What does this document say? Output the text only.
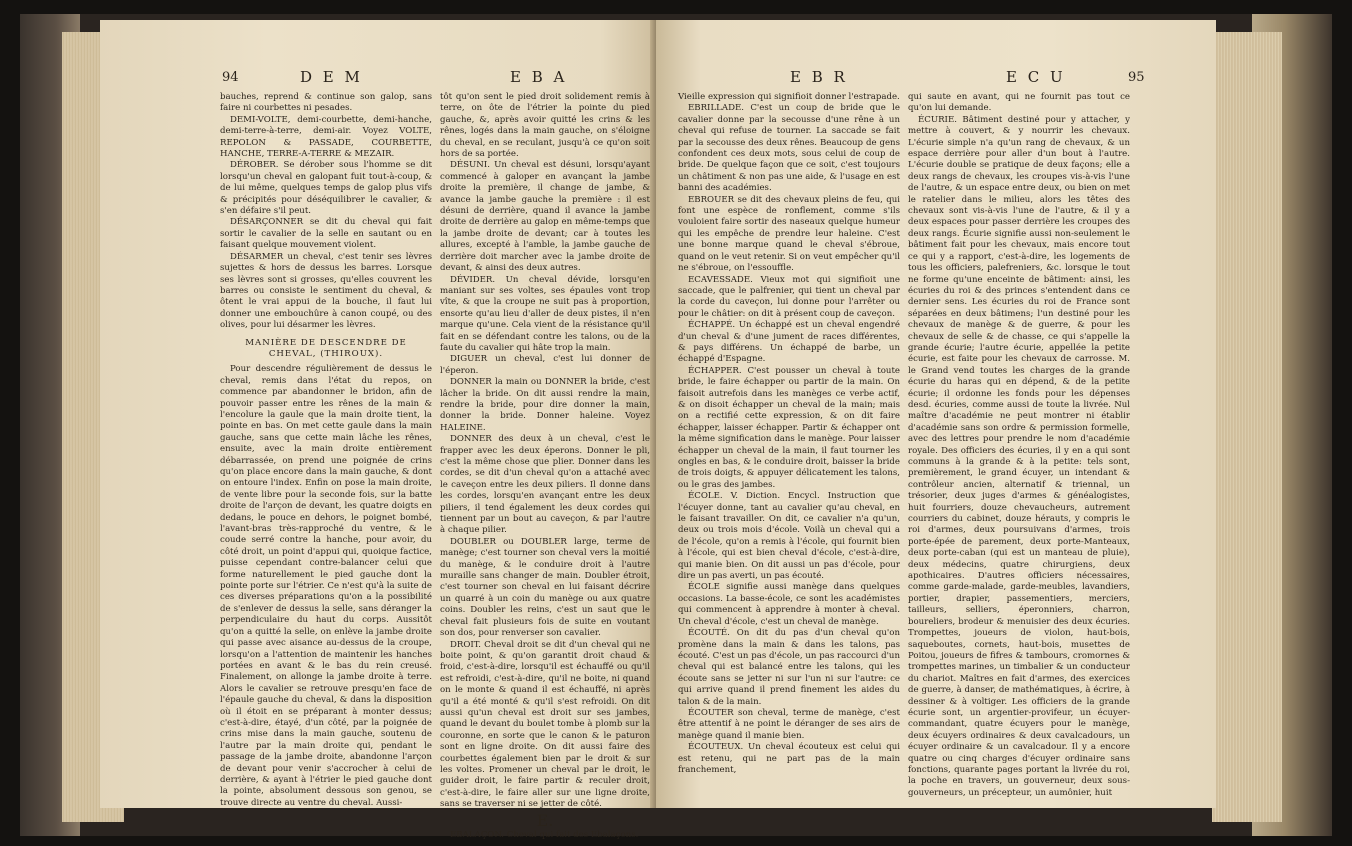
94	D E M	E B A

bauches, reprend & continue son galop, sans faire ni courbettes ni pesades.

DEMI-VOLTE, demi-courbette, demi-hanche, demi-terre-à-terre, demi-air. Voyez VOLTE, REPOLON & PASSADE, COURBETTE, HANCHE, TERRE-A-TERRE & MEZAIR.

DÉROBER. Se dérober sous l'homme se dit lorsqu'un cheval en galopant fuit tout-à-coup, & de lui même, quelques temps de galop plus vifs & précipités pour déséquilibrer le cavalier, & s'en défaire s'il peut.

DÉSARÇONNER se dit du cheval qui fait sortir le cavalier de la selle en sautant ou en faisant quelque mouvement violent.

DÉSARMER un cheval, c'est tenir ses lèvres sujettes & hors de dessus les barres. Lorsque ses lèvres sont si grosses, qu'elles couvrent les barres ou consiste le sentiment du cheval, & ôtent le vrai appui de la bouche, il faut lui donner une embouchûre à canon coupé, ou des olives, pour lui désarmer les lèvres.

MANIÈRE DE DESCENDRE DE CHEVAL, (THIROUX).

Pour descendre régulièrement de dessus le cheval, remis dans l'état du repos, on commence par abandonner le bridon, afin de pouvoir passer entre les rênes de la main & l'encolure la gaule que la main droite tient, la pointe en bas. On met cette gaule dans la main gauche, sans que cette main lâche les rênes, ensuite, avec la main droite entièrement débarrassée, on prend une poignée de crins qu'on place encore dans la main gauche, & dont on entoure l'index. Enfin on pose la main droite, de vente libre pour la seconde fois, sur la batte droite de l'arçon de devant, les quatre doigts en dedans, le pouce en dehors, le poignet bombé, l'avant-bras très-rapproché du ventre, & le coude serré contre la hanche, pour avoir, du côté droit, un point d'appui qui, quoique factice, puisse cependant contre-balancer celui que forme naturellement le pied gauche dont la pointe porte sur l'étrier. Ce n'est qu'à la suite de ces diverses préparations qu'on a la possibilité de s'enlever de dessus la selle, sans déranger la perpendiculaire du haut du corps. Aussitôt qu'on a quitté la selle, on enlève la jambe droite qui passe avec aisance au-dessus de la croupe, lorsqu'on a l'attention de maintenir les hanches portées en avant & le bas du rein creusé. Finalement, on allonge la jambe droite à terre. Alors le cavalier se retrouve presqu'en face de l'épaule gauche du cheval, & dans la disposition où il étoit en se préparant à monter dessus; c'est-à-dire, étayé, d'un côté, par la poignée de crins mise dans la main gauche, soutenu de l'autre par la main droite qui, pendant le passage de la jambe droite, abandonne l'arçon de devant pour venir s'accrocher à celui de derrière, & ayant à l'étrier le pied gauche dont la pointe, absolument dessous son genou, se trouve directe au ventre du cheval. Aussi-

tôt qu'on sent le pied droit solidement remis à terre, on ôte de l'étrier la pointe du pied gauche, &, après avoir quitté les crins & les rênes, logés dans la main gauche, on s'éloigne du cheval, en se reculant, jusqu'à ce qu'on soit hors de sa portée.

DÉSUNI. Un cheval est désuni, lorsqu'ayant commencé à galoper en avançant la jambe droite la première, il change de jambe, & avance la jambe gauche la première : il est désuni de derrière, quand il avance la jambe droite de derrière au galop en même-temps que la jambe droite de devant; car à toutes les allures, excepté à l'amble, la jambe gauche de derrière doit marcher avec la jambe droite de devant, & ainsi des deux autres.

DÉVIDER. Un cheval dévide, lorsqu'en maniant sur ses voltes, ses épaules vont trop vîte, & que la croupe ne suit pas à proportion, ensorte qu'au lieu d'aller de deux pistes, il n'en marque qu'une. Cela vient de la résistance qu'il fait en se défendant contre les talons, ou de la faute du cavalier qui hâte trop la main.

DIGUER un cheval, c'est lui donner de l'éperon.

DONNER la main ou DONNER la bride, c'est lâcher la bride. On dit aussi rendre la main, rendre la bride, pour dire donner la main, donner la bride. Donner haleine. Voyez HALEINE.

DONNER des deux à un cheval, c'est le frapper avec les deux éperons. Donner le pli, c'est la même chose que plier. Donner dans les cordes, se dit d'un cheval qu'on a attaché avec le caveçon entre les deux piliers. Il donne dans les cordes, lorsqu'en avançant entre les deux piliers, il tend également les deux cordes qui tiennent par un bout au caveçon, & par l'autre à chaque pilier.

DOUBLER ou DOUBLER large, terme de manège; c'est tourner son cheval vers la moitié du manège, & le conduire droit à l'autre muraille sans changer de main. Doubler étroit, c'est tourner son cheval en lui faisant décrire un quarré à un coin du manège ou aux quatre coins. Doubler les reins, c'est un saut que le cheval fait plusieurs fois de suite en voutant son dos, pour renverser son cavalier.

DROIT. Cheval droit se dit d'un cheval qui ne boite point, & qu'on garantit droit chaud & froid, c'est-à-dire, lorsqu'il est échauffé ou qu'il est refroidi, c'est-à-dire, qu'il ne boite, ni quand on le monte & quand il est échauffé, ni après qu'il a été monté & qu'il s'est refroidi. On dit aussi qu'un cheval est droit sur ses jambes, quand le devant du boulet tombe à plomb sur la couronne, en sorte que le canon & le paturon sont en ligne droite. On dit aussi faire des courbettes également bien par le droit & sur les voltes. Promener un cheval par le droit, le guider droit, le faire partir & reculer droit, c'est-à-dire, le faire aller sur une ligne droite, sans se traverser ni se jetter de côté.

E.

EBALAÇON. Cheval qui fait des Ebalaçons.

E B R	E C U	95

Vieille expression qui signifioit donner l'estrapade.

EBRILLADE. C'est un coup de bride que le cavalier donne par la secousse d'une rêne à un cheval qui refuse de tourner. La saccade se fait par la secousse des deux rênes. Beaucoup de gens confondent ces deux mots, sous celui de coup de bride. De quelque façon que ce soit, c'est toujours un châtiment & non pas une aide, & l'usage en est banni des académies.

EBROUER se dit des chevaux pleins de feu, qui font une espèce de ronflement, comme s'ils vouloient faire sortir des naseaux quelque humeur qui les empêche de prendre leur haleine. C'est une bonne marque quand le cheval s'ébroue, quand on le veut retenir. Si on veut empêcher qu'il ne s'ébroue, on l'essouffle.

ECAVESSADE. Vieux mot qui signifioit une saccade, que le palfrenier, qui tient un cheval par la corde du caveçon, lui donne pour l'arrêter ou pour le châtier: on dit à présent coup de caveçon.

ÉCHAPPÉ. Un échappé est un cheval engendré d'un cheval & d'une jument de races différentes, & pays différens. Un échappé de barbe, un échappé d'Espagne.

ÉCHAPPER. C'est pousser un cheval à toute bride, le faire échapper ou partir de la main. On faisoit autrefois dans les manèges ce verbe actif, & on disoit échapper un cheval de la main; mais on a rectifié cette expression, & on dit faire échapper, laisser échapper. Partir & échapper ont la même signification dans le manège. Pour laisser échapper un cheval de la main, il faut tourner les ongles en bas, & le conduire droit, baisser la bride de trois doigts, & appuyer délicatement les talons, ou le gras des jambes.

ÉCOLE. V. Diction. Encycl. Instruction que l'écuyer donne, tant au cavalier qu'au cheval, en le faisant travailler. On dit, ce cavalier n'a qu'un, deux ou trois mois d'école. Voilà un cheval qui a de l'école, qu'on a remis à l'école, qui fournit bien à l'école, qui est bien cheval d'école, c'est-à-dire, qui manie bien. On dit aussi un pas d'école, pour dire un pas averti, un pas écouté.

ÉCOLE signifie aussi manège dans quelques occasions. La basse-école, ce sont les académistes qui commencent à apprendre à monter à cheval. Un cheval d'école, c'est un cheval de manège.

ÉCOUTÉ. On dit du pas d'un cheval qu'on promène dans la main & dans les talons, pas écouté. C'est un pas d'école, un pas raccourci d'un cheval qui est balancé entre les talons, qui les écoute sans se jetter ni sur l'un ni sur l'autre: ce qui arrive quand il prend finement les aides du talon & de la main.

ÉCOUTER son cheval, terme de manège, c'est être attentif à ne point le déranger de ses airs de manège quand il manie bien.

ÉCOUTEUX. Un cheval écouteux est celui qui est retenu, qui ne part pas de la main franchement,

qui saute en avant, qui ne fournit pas tout ce qu'on lui demande.

ÉCURIE. Bâtiment destiné pour y attacher, y mettre à couvert, & y nourrir les chevaux. L'écurie simple n'a qu'un rang de chevaux, & un espace derrière pour aller d'un bout à l'autre. L'écurie double se pratique de deux façons; elle a deux rangs de chevaux, les croupes vis-à-vis l'une de l'autre, & un espace entre deux, ou bien on met le ratelier dans le milieu, alors les têtes des chevaux sont vis-à-vis l'une de l'autre, & il y a deux espaces pour passer derrière les croupes des deux rangs. Écurie signifie aussi non-seulement le bâtiment fait pour les chevaux, mais encore tout ce qui y a rapport, c'est-à-dire, les logements de tous les officiers, palefreniers, &c. lorsque le tout ne forme qu'une enceinte de bâtiment: ainsi, les écuries du roi & des princes s'entendent dans ce dernier sens. Les écuries du roi de France sont séparées en deux bâtimens; l'un destiné pour les chevaux de manège & de guerre, & pour les chevaux de selle & de chasse, ce qui s'appelle la grande écurie; l'autre écurie, appellée la petite écurie, est faite pour les chevaux de carrosse. M. le Grand vend toutes les charges de la grande écurie du haras qui en dépend, & de la petite écurie; il ordonne les fonds pour les dépenses desd. écuries, comme aussi de toute la livrée. Nul maître d'académie ne peut montrer ni établir d'académie sans son ordre & permission formelle, avec des lettres pour prendre le nom d'académie royale. Des officiers des écuries, il y en a qui sont communs à la grande & à la petite: tels sont, premièrement, le grand écuyer, un intendant & contrôleur ancien, alternatif & triennal, un trésorier, deux juges d'armes & généalogistes, huit fourriers, douze chevaucheurs, autrement courriers du cabinet, douze hérauts, y compris le roi d'armes, deux poursuivans d'armes, trois porte-épée de parement, deux porte-Manteaux, deux porte-caban (qui est un manteau de pluie), deux médecins, quatre chirurgiens, deux apothicaires. D'autres officiers nécessaires, comme garde-malade, garde-meubles, lavandiers, portier, drapier, passementiers, merciers, tailleurs, selliers, éperonniers, charron, boureliers, brodeur & menuisier des deux écuries. Trompettes, joueurs de violon, haut-bois, saqueboutes, cornets, haut-bois, musettes de Poitou, joueurs de fifres & tambours, cromornes & trompettes marines, un timbalier & un conducteur du chariot. Maîtres en fait d'armes, des exercices de guerre, à danser, de mathématiques, à écrire, à dessiner & à voltiger. Les officiers de la grande écurie sont, un argentier-provifeur, un écuyer-commandant, quatre écuyers pour le manège, deux écuyers ordinaires & deux cavalcadours, un écuyer ordinaire & un cavalcadour. Il y a encore quatre ou cinq charges d'écuyer ordinaire sans fonctions, quarante pages portant la livrée du roi, la poche en travers, un gouverneur, deux sous-gouverneurs, un précepteur, un aumônier, huit
